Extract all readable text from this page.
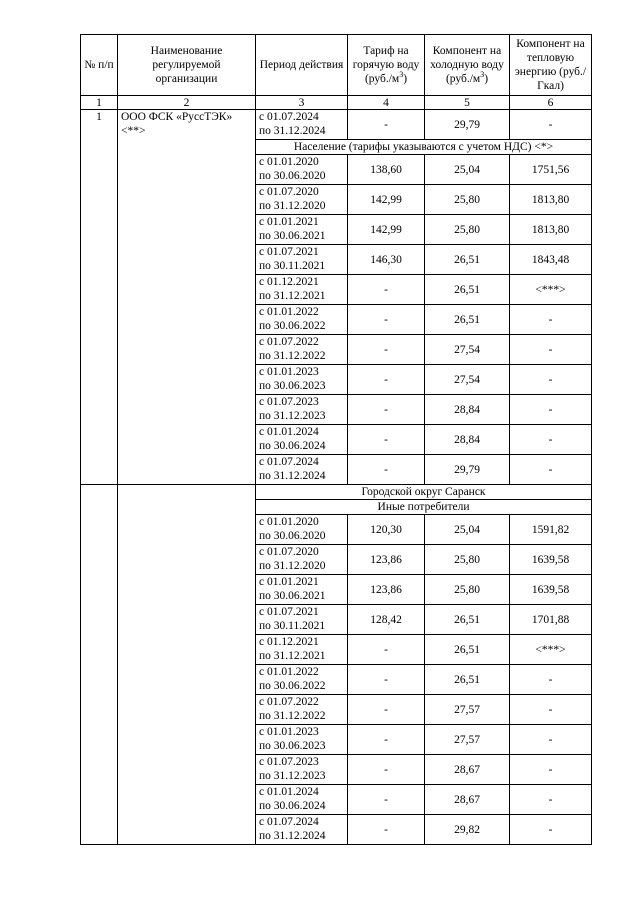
№ п/п	Наименование регулируемой организации	Период действия	Тариф на горячую воду $(руб./м^3)$	Компонент на холодную воду $(руб./м^3)$	Компонент на тепловую энергию (руб./Гкал)
1	2	3	4	5	6
1	ООО ФСК «РуссТЭК» <**>	с 01.07.2024
по 31.12.2024	-	29,79	-
		Население (тарифы указываются с учетом НДС) <*>			
		с 01.01.2020
по 30.06.2020	138,60	25,04	1751,56
		с 01.07.2020
по 31.12.2020	142,99	25,80	1813,80
		с 01.01.2021
по 30.06.2021	142,99	25,80	1813,80
		с 01.07.2021
по 30.11.2021	146,30	26,51	1843,48
		с 01.12.2021
по 31.12.2021	-	26,51	<***>
		с 01.01.2022
по 30.06.2022	-	26,51	-
		с 01.07.2022
по 31.12.2022	-	27,54	-
		с 01.01.2023
по 30.06.2023	-	27,54	-
		с 01.07.2023
по 31.12.2023	-	28,84	-
		с 01.01.2024
по 30.06.2024	-	28,84	-
		с 01.07.2024
по 31.12.2024	-	29,79	-
		Городской округ Саранск			
		Иные потребители			
		с 01.01.2020
по 30.06.2020	120,30	25,04	1591,82
		с 01.07.2020
по 31.12.2020	123,86	25,80	1639,58
		с 01.01.2021
по 30.06.2021	123,86	25,80	1639,58
		с 01.07.2021
по 30.11.2021	128,42	26,51	1701,88
		с 01.12.2021
по 31.12.2021	-	26,51	<***>
		с 01.01.2022
по 30.06.2022	-	26,51	-
		с 01.07.2022
по 31.12.2022	-	27,57	-
		с 01.01.2023
по 30.06.2023	-	27,57	-
		с 01.07.2023
по 31.12.2023	-	28,67	-
		с 01.01.2024
по 30.06.2024	-	28,67	-
		с 01.07.2024
по 31.12.2024	-	29,82	-
